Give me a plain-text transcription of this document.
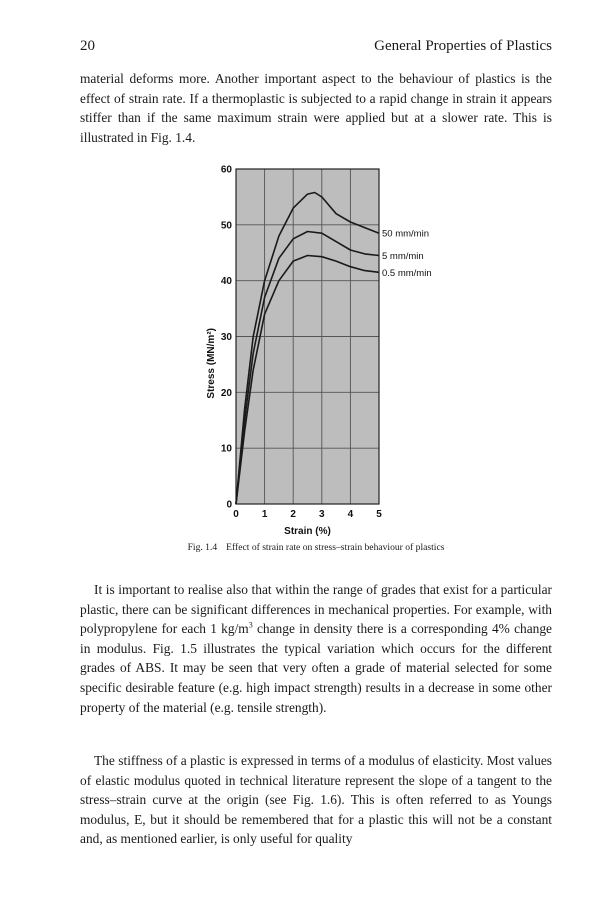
20	General Properties of Plastics

material deforms more. Another important aspect to the behaviour of plastics is the effect of strain rate. If a thermoplastic is subjected to a rapid change in strain it appears stiffer than if the same maximum strain were applied but at a slower rate. This is illustrated in Fig. 1.4.

0 1 2 3 4 5
0
10
20
30
40
50
60
Strain (%)
Stress (MN/m²)
50 mm/min
5 mm/min
0.5 mm/min
Fig. 1.4 Effect of strain rate on stress–strain behaviour of plastics

It is important to realise also that within the range of grades that exist for a particular plastic, there can be significant differences in mechanical properties. For example, with polypropylene for each 1 $kg/m^3$ change in density there is a corresponding 4% change in modulus. Fig. 1.5 illustrates the typical variation which occurs for the different grades of ABS. It may be seen that very often a grade of material selected for some specific desirable feature (e.g. high impact strength) results in a decrease in some other property of the material (e.g. tensile strength).

The stiffness of a plastic is expressed in terms of a modulus of elasticity. Most values of elastic modulus quoted in technical literature represent the slope of a tangent to the stress–strain curve at the origin (see Fig. 1.6). This is often referred to as Youngs modulus, E, but it should be remembered that for a plastic this will not be a constant and, as mentioned earlier, is only useful for quality
